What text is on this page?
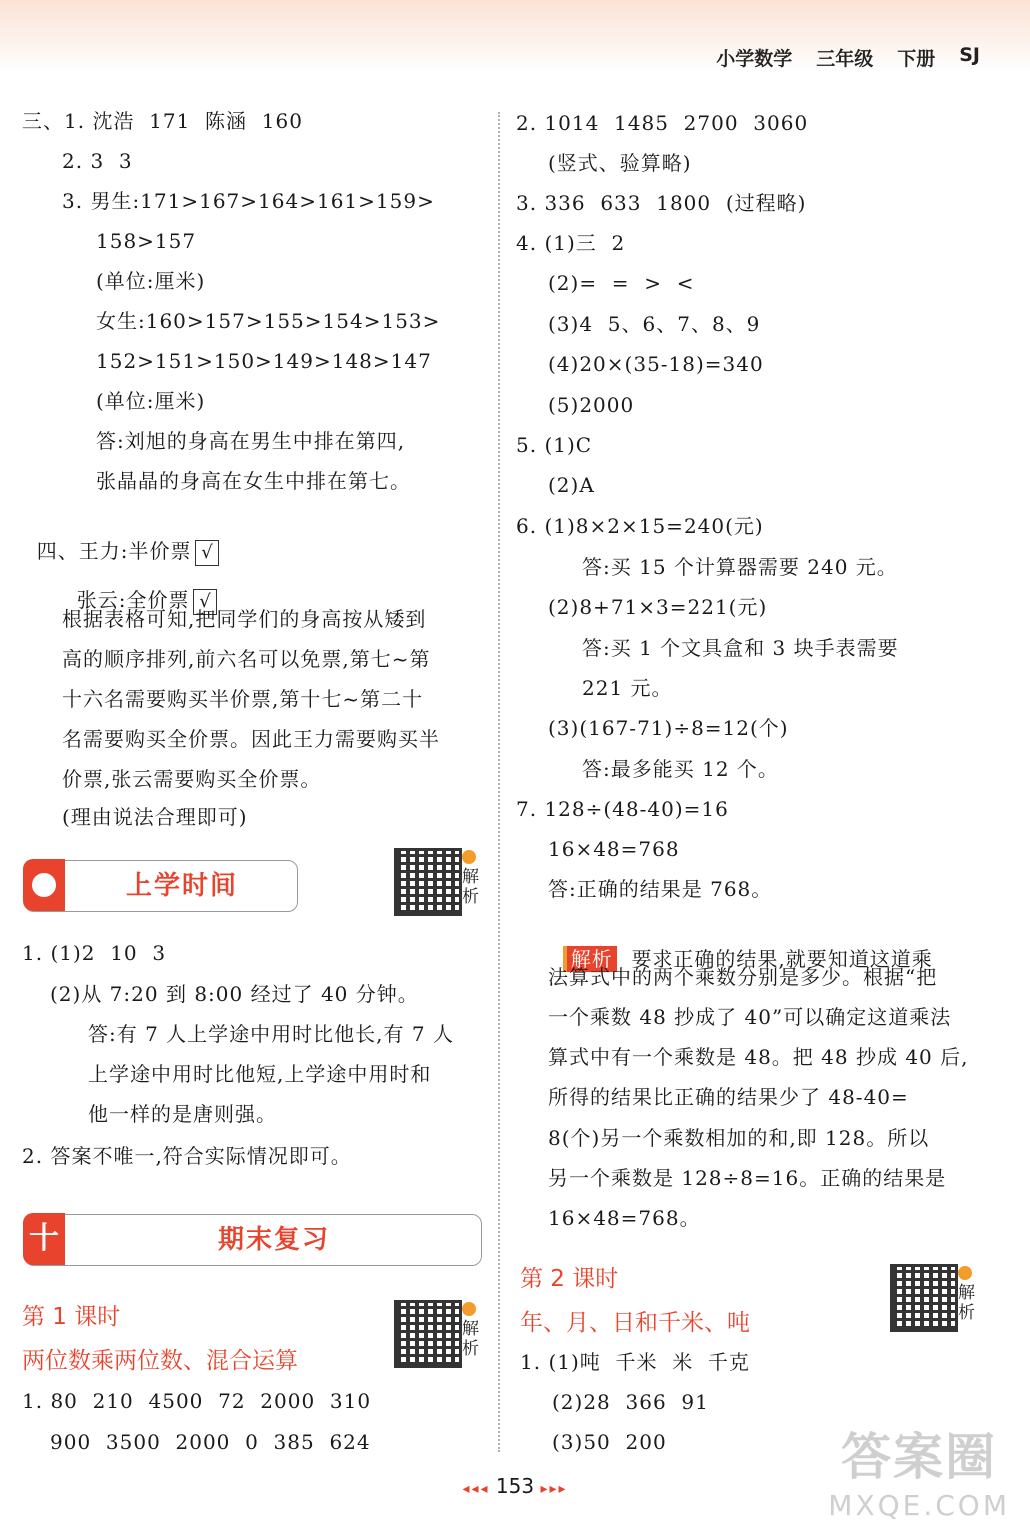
小学数学 三年级 下册 SJ
三、1. 沈浩  171  陈涵  160
2. 3  3
3. 男生:171>167>164>161>159>
158>157
(单位:厘米)
女生:160>157>155>154>153>
152>151>150>149>148>147
(单位:厘米)
答:刘旭的身高在男生中排在第四,
张晶晶的身高在女生中排在第七。

四、王力:半价票 √

张云:全价票 √

根据表格可知,把同学们的身高按从矮到
高的顺序排列,前六名可以免票,第七~第
十六名需要购买半价票,第十七~第二十
名需要购买全价票。因此王力需要购买半
价票,张云需要购买全价票。
(理由说法合理即可)
上学时间	解析
1. (1)2  10  3
(2)从 7:20 到 8:00 经过了 40 分钟。
答:有 7 人上学途中用时比他长,有 7 人
上学途中用时比他短,上学途中用时和
他一样的是唐则强。
2. 答案不唯一,符合实际情况即可。
十	期末复习
第 1 课时
两位数乘两位数、混合运算
解析
1. 80  210  4500  72  2000  310
900  3500  2000  0  385  624
2. 1014  1485  2700  3060
(竖式、验算略)
3. 336  633  1800  (过程略)
4. (1)三  2
(2)=  =  >  <
(3)4  5、6、7、8、9
(4)20×(35-18)=340
(5)2000
5. (1)C
(2)A
6. (1)8×2×15=240(元)
答:买 15 个计算器需要 240 元。
(2)8+71×3=221(元)
答:买 1 个文具盒和 3 块手表需要
221 元。
(3)(167-71)÷8=12(个)
答:最多能买 12 个。
7. 128÷(48-40)=16
16×48=768
答:正确的结果是 768。

解析 要求正确的结果,就要知道这道乘

法算式中的两个乘数分别是多少。根据“把
一个乘数 48 抄成了 40”可以确定这道乘法
算式中有一个乘数是 48。把 48 抄成 40 后,
所得的结果比正确的结果少了 48-40=
8(个)另一个乘数相加的和,即 128。所以
另一个乘数是 128÷8=16。正确的结果是
16×48=768。
第 2 课时
年、月、日和千米、吨
解析
1. (1)吨  千米  米  千克
(2)28  366  91
(3)50  200
◂◂◂ 153 ▸▸▸
答案圈
MXQE.COM
